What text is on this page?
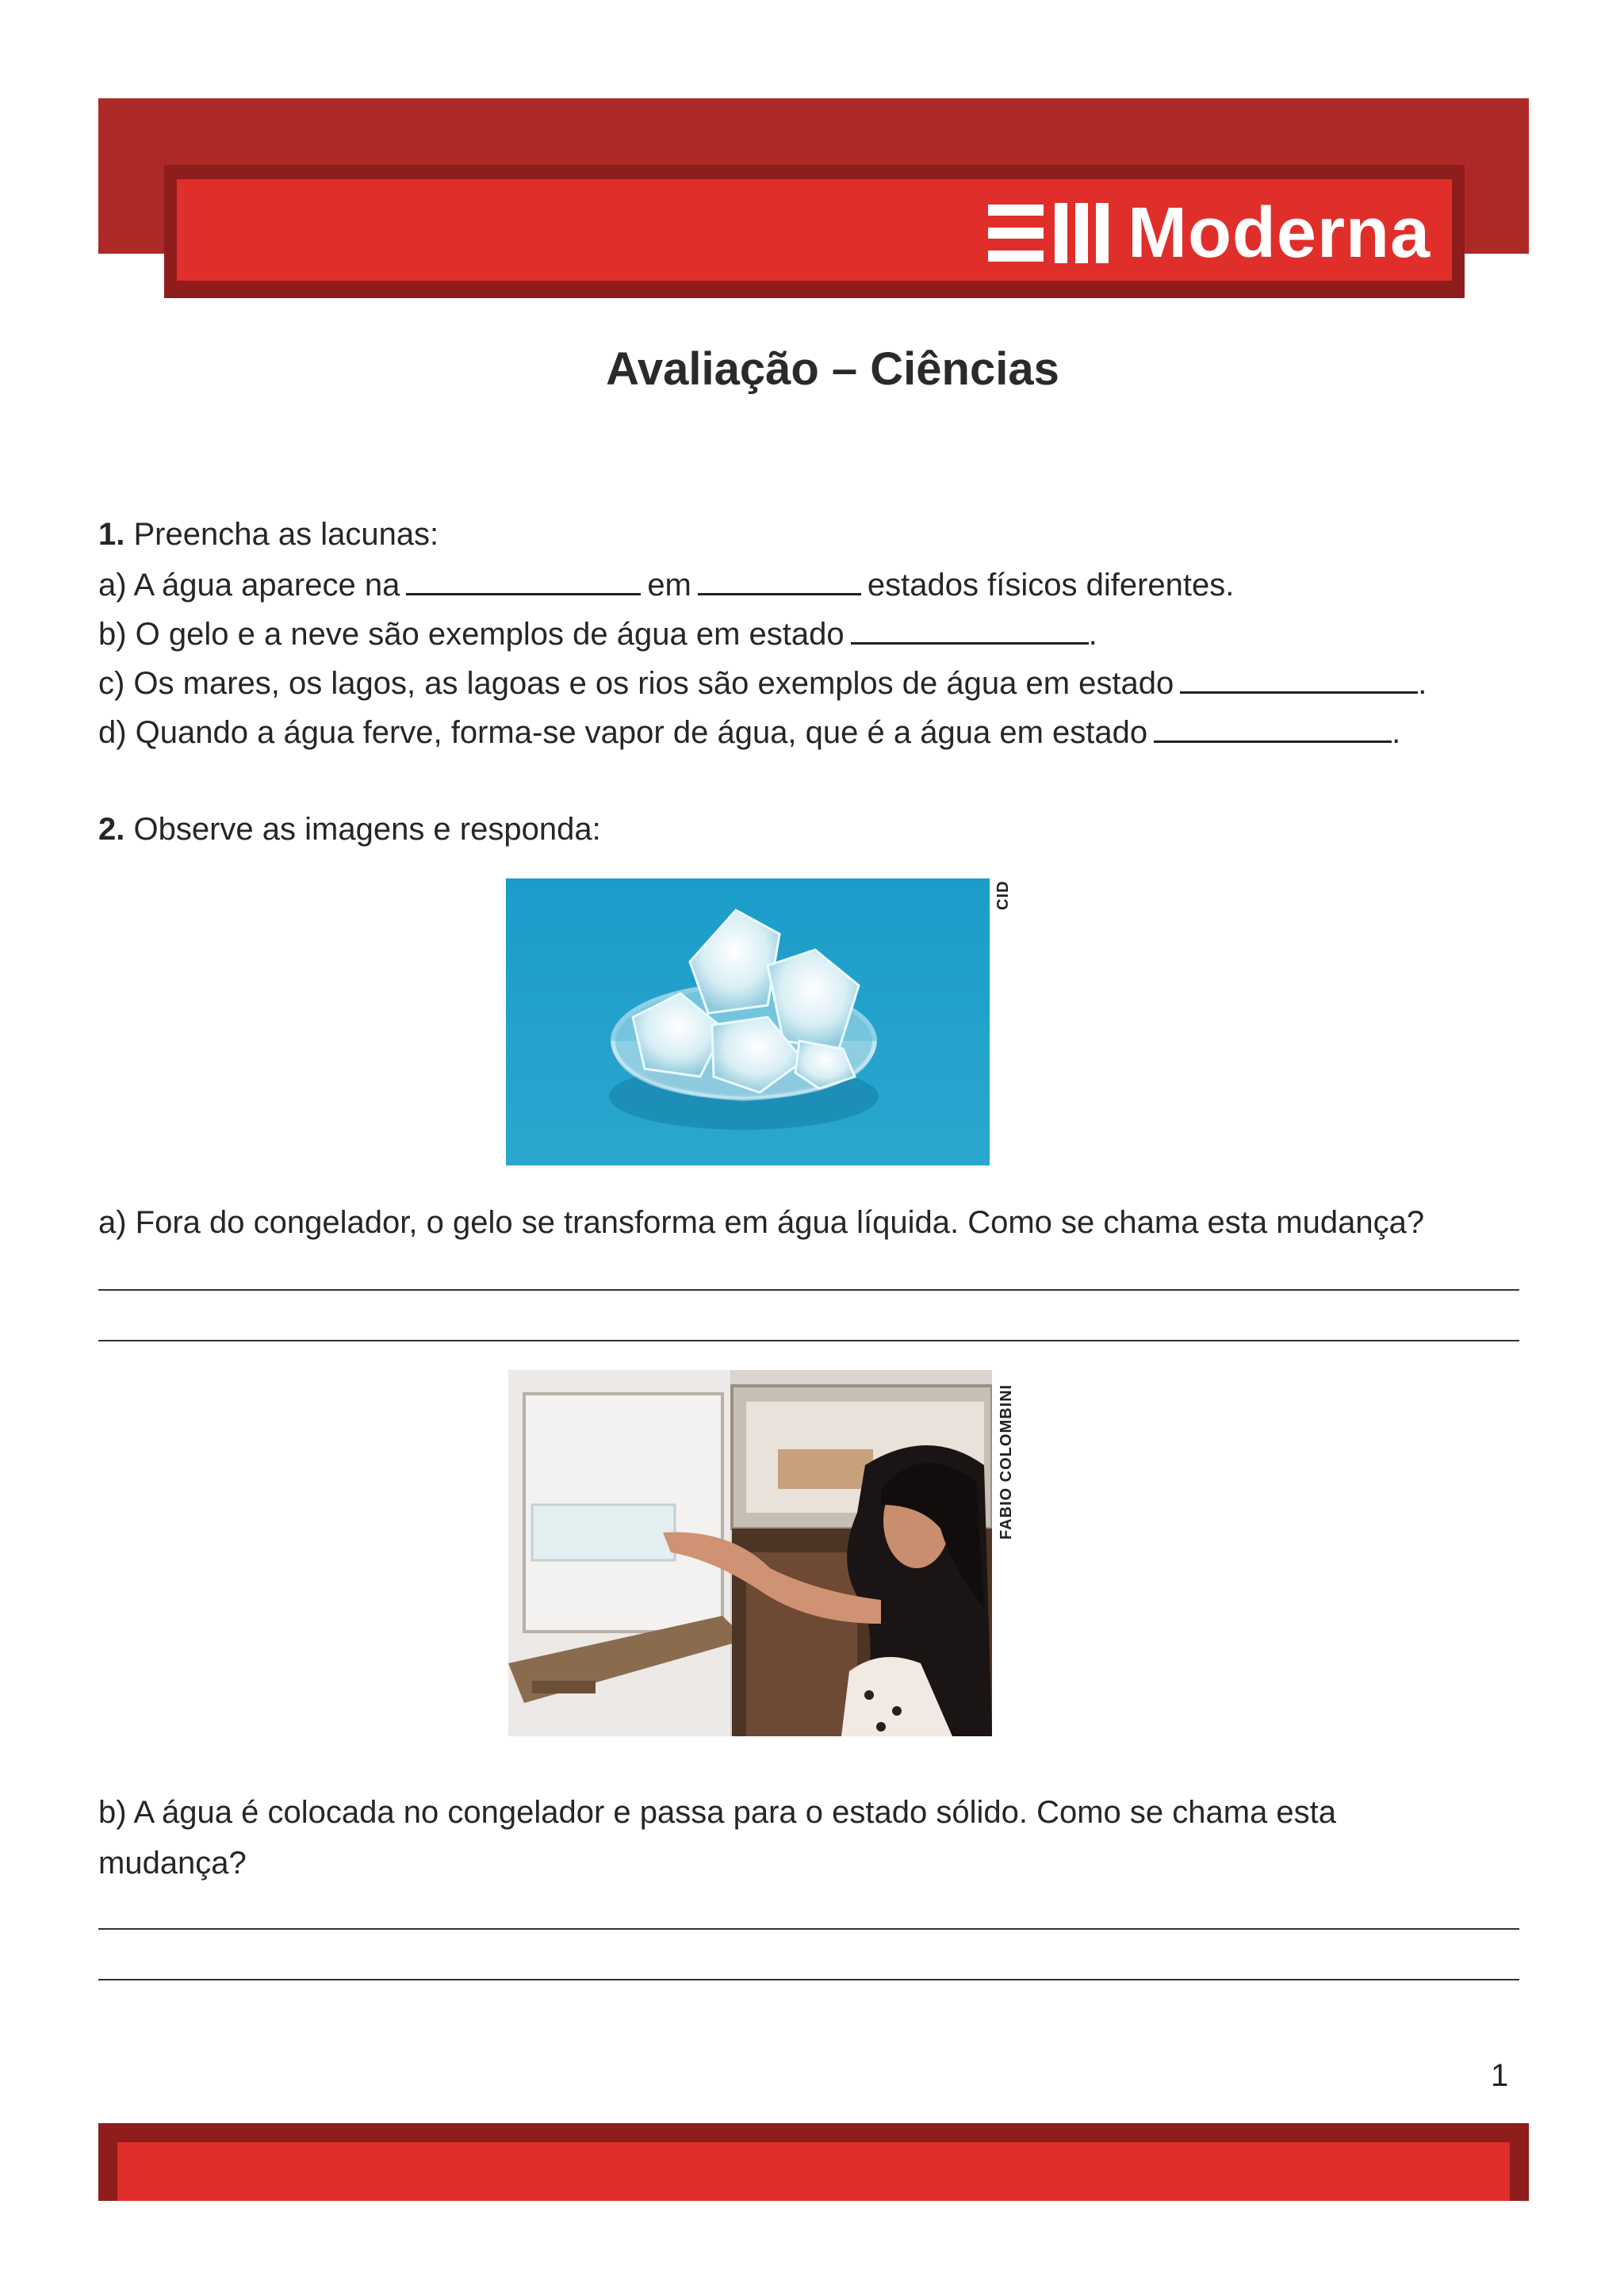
Moderna
Avaliação – Ciências
1. Preencha as lacunas:
a) A água aparece na	em	estados físicos diferentes.
b) O gelo e a neve são exemplos de água em estado	.
c) Os mares, os lagos, as lagoas e os rios são exemplos de água em estado	.
d) Quando a água ferve, forma-se vapor de água, que é a água em estado	.
2. Observe as imagens e responda:
CID
a) Fora do congelador, o gelo se transforma em água líquida. Como se chama esta mudança?
FABIO COLOMBINI
b) A água é colocada no congelador e passa para o estado sólido. Como se chama esta
mudança?
1
